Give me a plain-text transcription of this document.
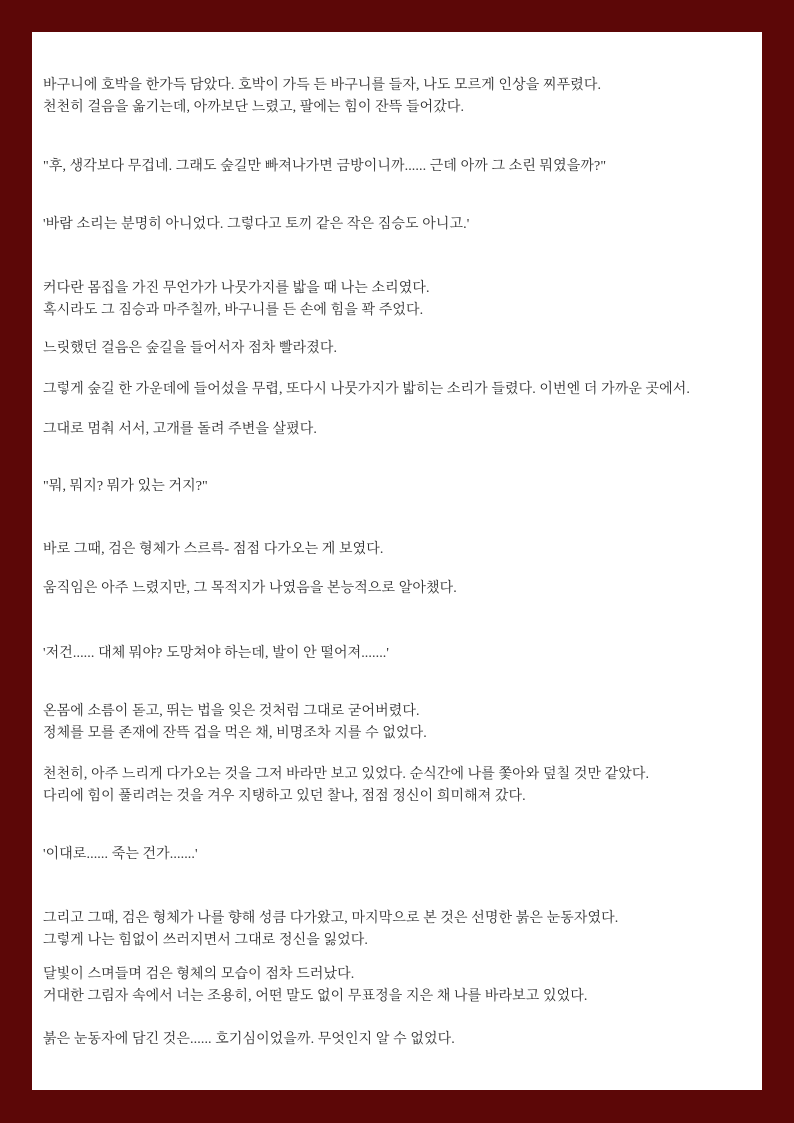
바구니에 호박을 한가득 담았다. 호박이 가득 든 바구니를 들자, 나도 모르게 인상을 찌푸렸다.

천천히 걸음을 옮기는데, 아까보단 느렸고, 팔에는 힘이 잔뜩 들어갔다.

"후, 생각보다 무겁네. 그래도 숲길만 빠져나가면 금방이니까...... 근데 아까 그 소린 뭐였을까?"

'바람 소리는 분명히 아니었다. 그렇다고 토끼 같은 작은 짐승도 아니고.'

커다란 몸집을 가진 무언가가 나뭇가지를 밟을 때 나는 소리였다.

혹시라도 그 짐승과 마주칠까, 바구니를 든 손에 힘을 꽉 주었다.

느릿했던 걸음은 숲길을 들어서자 점차 빨라졌다.

그렇게 숲길 한 가운데에 들어섰을 무렵, 또다시 나뭇가지가 밟히는 소리가 들렸다. 이번엔 더 가까운 곳에서.

그대로 멈춰 서서, 고개를 돌려 주변을 살폈다.

"뭐, 뭐지? 뭐가 있는 거지?"

바로 그때, 검은 형체가 스르륵- 점점 다가오는 게 보였다.

움직임은 아주 느렸지만, 그 목적지가 나였음을 본능적으로 알아챘다.

'저건...... 대체 뭐야? 도망쳐야 하는데, 발이 안 떨어져.......'

온몸에 소름이 돋고, 뛰는 법을 잊은 것처럼 그대로 굳어버렸다.

정체를 모를 존재에 잔뜩 겁을 먹은 채, 비명조차 지를 수 없었다.

천천히, 아주 느리게 다가오는 것을 그저 바라만 보고 있었다. 순식간에 나를 쫓아와 덮칠 것만 같았다.

다리에 힘이 풀리려는 것을 겨우 지탱하고 있던 찰나, 점점 정신이 희미해져 갔다.

'이대로...... 죽는 건가.......'

그리고 그때, 검은 형체가 나를 향해 성큼 다가왔고, 마지막으로 본 것은 선명한 붉은 눈동자였다.

그렇게 나는 힘없이 쓰러지면서 그대로 정신을 잃었다.

달빛이 스며들며 검은 형체의 모습이 점차 드러났다.

거대한 그림자 속에서 너는 조용히, 어떤 말도 없이 무표정을 지은 채 나를 바라보고 있었다.

붉은 눈동자에 담긴 것은...... 호기심이었을까. 무엇인지 알 수 없었다.
